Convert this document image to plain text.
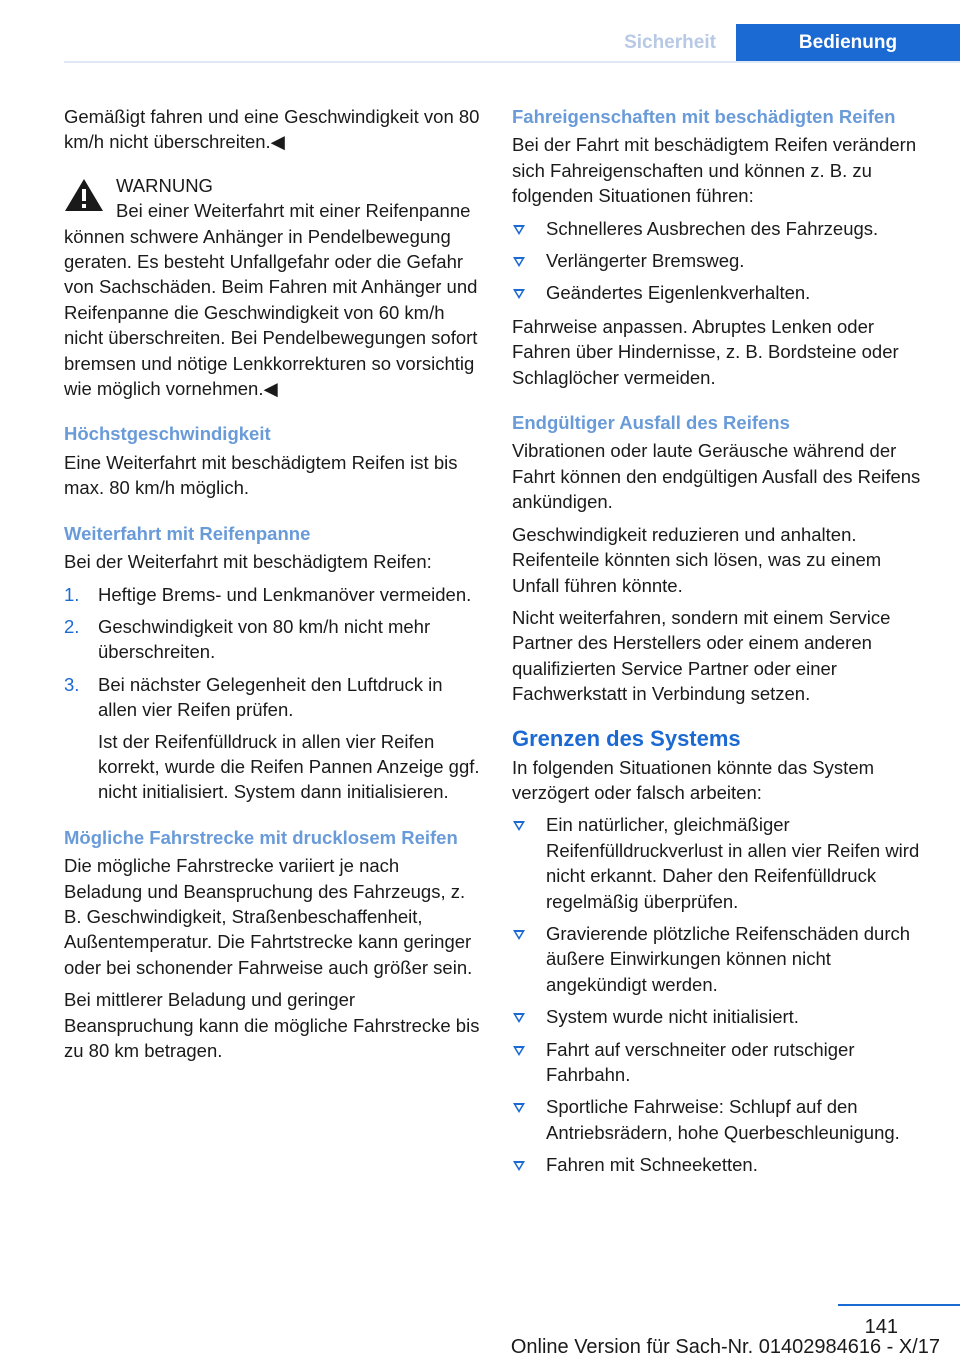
Sicherheit	Bedienung

Gemäßigt fahren und eine Geschwindigkeit von 80 km/h nicht überschreiten.◀

WARNUNG
Bei einer Weiterfahrt mit einer Reifenpanne können schwere Anhänger in Pendelbewegung geraten. Es besteht Unfallgefahr oder die Gefahr von Sachschäden. Beim Fahren mit Anhänger und Reifenpanne die Geschwindigkeit von 60 km/h nicht überschreiten. Bei Pendelbewegungen sofort bremsen und nötige Lenkkorrekturen so vorsichtig wie möglich vornehmen.◀

Höchstgeschwindigkeit

Eine Weiterfahrt mit beschädigtem Reifen ist bis max. 80 km/h möglich.

Weiterfahrt mit Reifenpanne

Bei der Weiterfahrt mit beschädigtem Reifen:

1. Heftige Brems- und Lenkmanöver vermeiden.
2. Geschwindigkeit von 80 km/h nicht mehr überschreiten.
3. Bei nächster Gelegenheit den Luftdruck in allen vier Reifen prüfen.
Ist der Reifenfülldruck in allen vier Reifen korrekt, wurde die Reifen Pannen Anzeige ggf. nicht initialisiert. System dann initialisieren.

Mögliche Fahrstrecke mit drucklosem Reifen

Die mögliche Fahrstrecke variiert je nach Beladung und Beanspruchung des Fahrzeugs, z. B. Geschwindigkeit, Straßenbeschaffenheit, Außentemperatur. Die Fahrtstrecke kann geringer oder bei schonender Fahrweise auch größer sein.

Bei mittlerer Beladung und geringer Beanspruchung kann die mögliche Fahrstrecke bis zu 80 km betragen.

Fahreigenschaften mit beschädigten Reifen

Bei der Fahrt mit beschädigtem Reifen verändern sich Fahreigenschaften und können z. B. zu folgenden Situationen führen:

Schnelleres Ausbrechen des Fahrzeugs.
Verlängerter Bremsweg.
Geändertes Eigenlenkverhalten.

Fahrweise anpassen. Abruptes Lenken oder Fahren über Hindernisse, z. B. Bordsteine oder Schlaglöcher vermeiden.

Endgültiger Ausfall des Reifens

Vibrationen oder laute Geräusche während der Fahrt können den endgültigen Ausfall des Reifens ankündigen.

Geschwindigkeit reduzieren und anhalten. Reifenteile könnten sich lösen, was zu einem Unfall führen könnte.

Nicht weiterfahren, sondern mit einem Service Partner des Herstellers oder einem anderen qualifizierten Service Partner oder einer Fachwerkstatt in Verbindung setzen.

Grenzen des Systems

In folgenden Situationen könnte das System verzögert oder falsch arbeiten:

Ein natürlicher, gleichmäßiger Reifenfülldruckverlust in allen vier Reifen wird nicht erkannt. Daher den Reifenfülldruck regelmäßig überprüfen.
Gravierende plötzliche Reifenschäden durch äußere Einwirkungen können nicht angekündigt werden.
System wurde nicht initialisiert.
Fahrt auf verschneiter oder rutschiger Fahrbahn.
Sportliche Fahrweise: Schlupf auf den Antriebsrädern, hohe Querbeschleunigung.
Fahren mit Schneeketten.
141
Online Version für Sach-Nr. 01402984616 - X/17
